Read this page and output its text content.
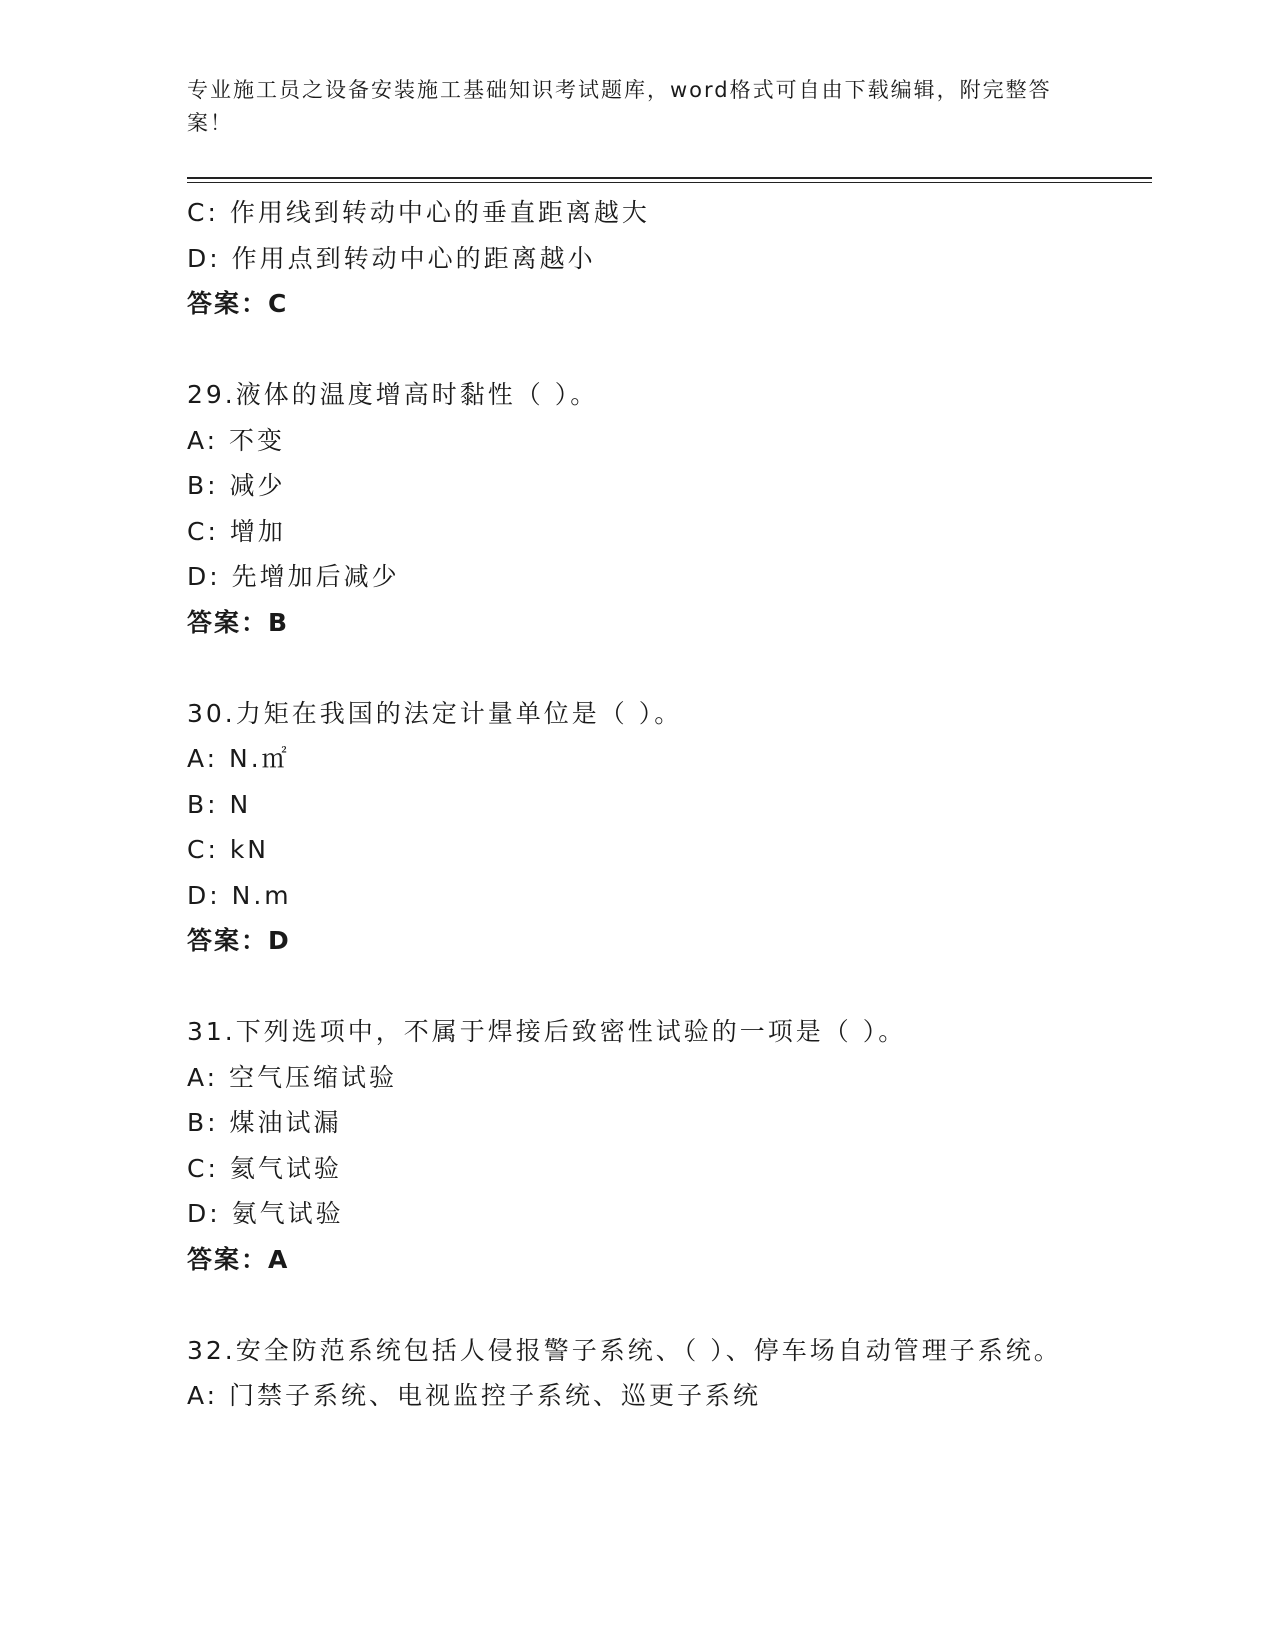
专业施工员之设备安装施工基础知识考试题库，word格式可自由下载编辑，附完整答案！
C: 作用线到转动中心的垂直距离越大
D: 作用点到转动中心的距离越小
答案：C
29.液体的温度增高时黏性（ ）。
A: 不变
B: 减少
C: 增加
D: 先增加后减少
答案：B
30.力矩在我国的法定计量单位是（ ）。
A: N.㎡
B: N
C: kN
D: N.m
答案：D
31.下列选项中，不属于焊接后致密性试验的一项是（ ）。
A: 空气压缩试验
B: 煤油试漏
C: 氦气试验
D: 氨气试验
答案：A
32.安全防范系统包括人侵报警子系统、（ ）、停车场自动管理子系统。
A: 门禁子系统、电视监控子系统、巡更子系统
